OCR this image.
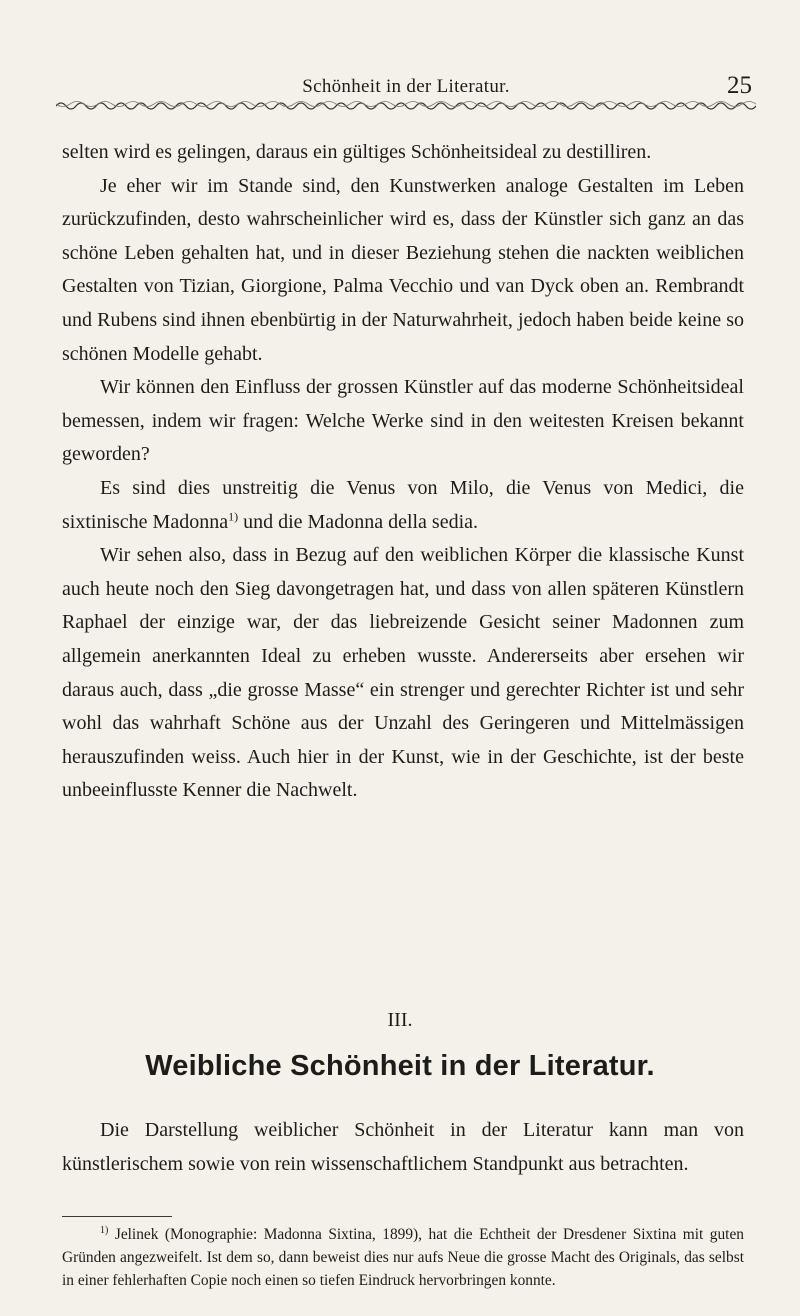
Schönheit in der Literatur.	25

selten wird es gelingen, daraus ein gültiges Schönheitsideal zu destilliren.

Je eher wir im Stande sind, den Kunstwerken analoge Gestalten im Leben zurückzufinden, desto wahrscheinlicher wird es, dass der Künstler sich ganz an das schöne Leben gehalten hat, und in dieser Beziehung stehen die nackten weiblichen Gestalten von Tizian, Giorgione, Palma Vecchio und van Dyck oben an. Rembrandt und Rubens sind ihnen ebenbürtig in der Naturwahrheit, jedoch haben beide keine so schönen Modelle gehabt.

Wir können den Einfluss der grossen Künstler auf das moderne Schönheitsideal bemessen, indem wir fragen: Welche Werke sind in den weitesten Kreisen bekannt geworden?

Es sind dies unstreitig die Venus von Milo, die Venus von Medici, die sixtinische Madonna$^{1)}$ und die Madonna della sedia.

Wir sehen also, dass in Bezug auf den weiblichen Körper die klassische Kunst auch heute noch den Sieg davongetragen hat, und dass von allen späteren Künstlern Raphael der einzige war, der das liebreizende Gesicht seiner Madonnen zum allgemein anerkannten Ideal zu erheben wusste. Andererseits aber ersehen wir daraus auch, dass „die grosse Masse“ ein strenger und gerechter Richter ist und sehr wohl das wahrhaft Schöne aus der Unzahl des Geringeren und Mittelmässigen herauszufinden weiss. Auch hier in der Kunst, wie in der Geschichte, ist der beste unbeeinflusste Kenner die Nachwelt.

III.
Weibliche Schönheit in der Literatur.

Die Darstellung weiblicher Schönheit in der Literatur kann man von künstlerischem sowie von rein wissenschaftlichem Standpunkt aus betrachten.

$^{1)}$ Jelinek (Monographie: Madonna Sixtina, 1899), hat die Echtheit der Dresdener Sixtina mit guten Gründen angezweifelt. Ist dem so, dann beweist dies nur aufs Neue die grosse Macht des Originals, das selbst in einer fehlerhaften Copie noch einen so tiefen Eindruck hervorbringen konnte.
